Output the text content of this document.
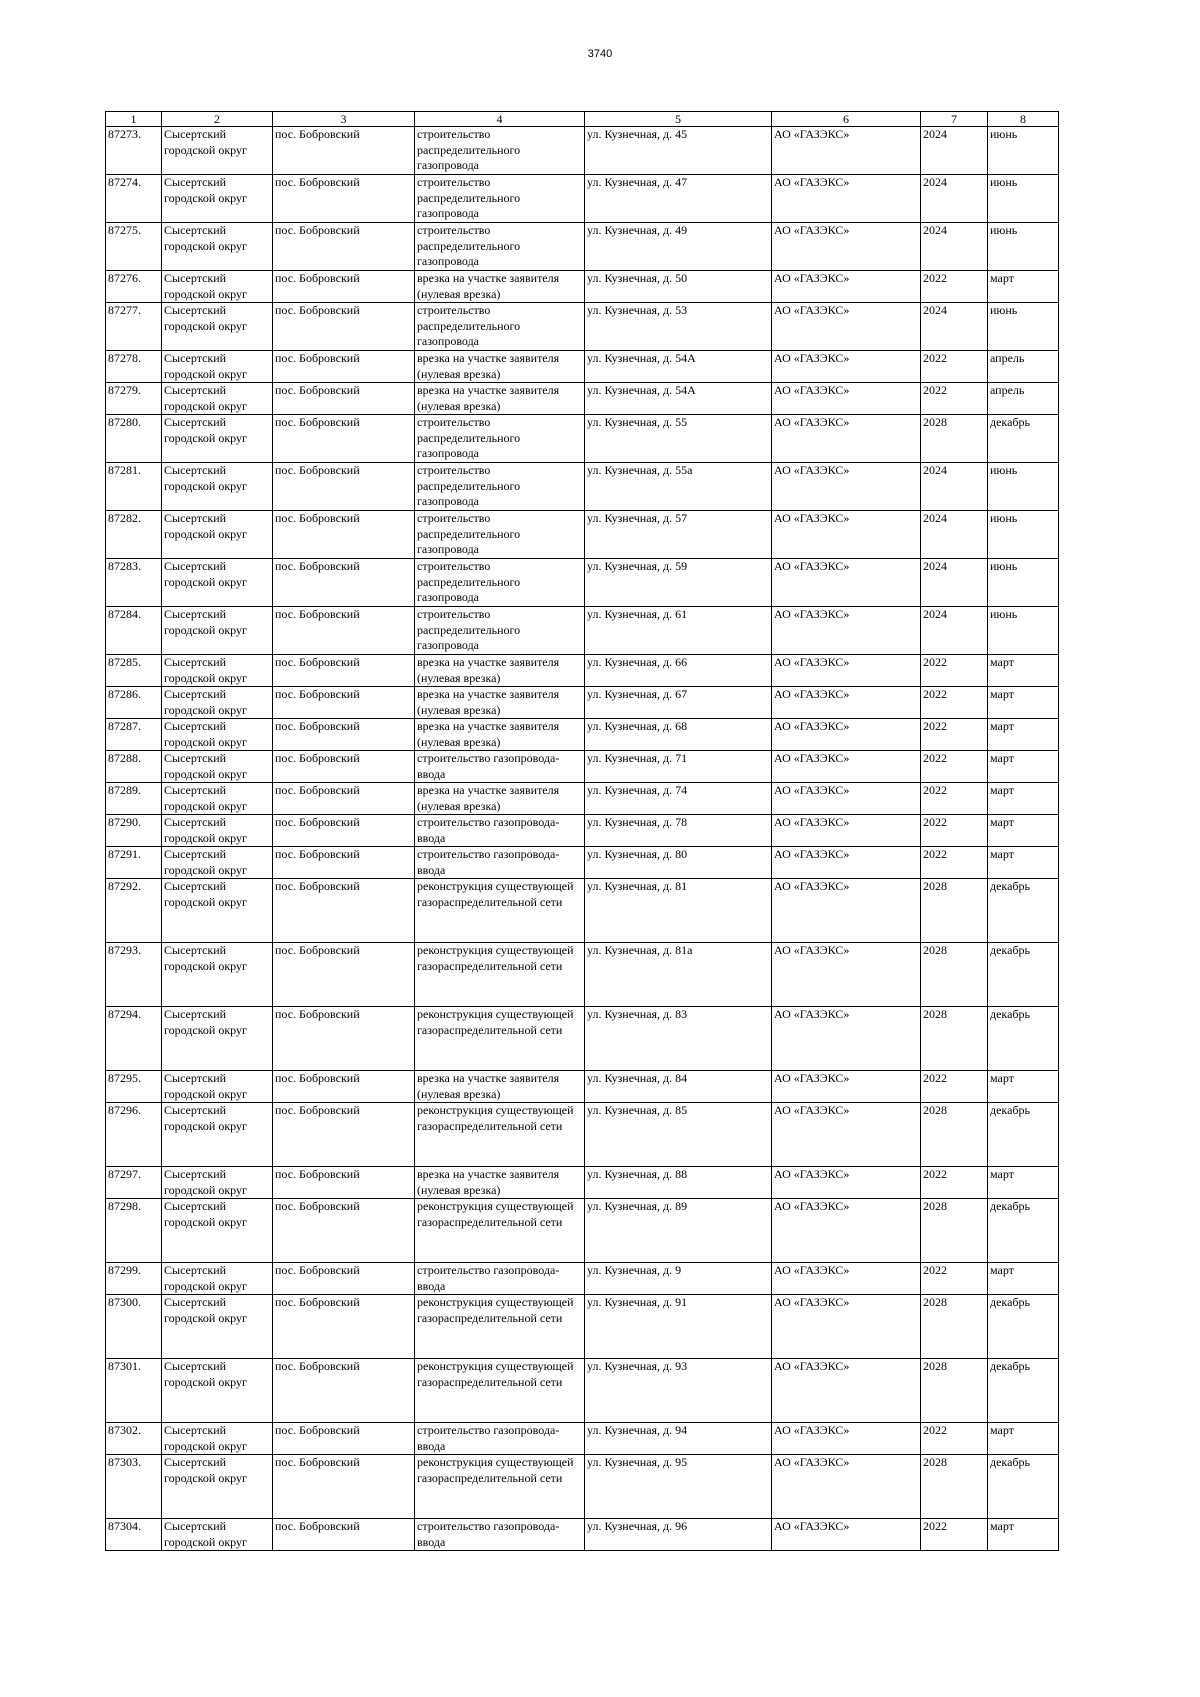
3740
1	2	3	4	5	6	7	8
87273.	Сысертский городской округ	пос. Бобровский	строительство распределительного газопровода	ул. Кузнечная, д. 45	АО «ГАЗЭКС»	2024	июнь
87274.	Сысертский городской округ	пос. Бобровский	строительство распределительного газопровода	ул. Кузнечная, д. 47	АО «ГАЗЭКС»	2024	июнь
87275.	Сысертский городской округ	пос. Бобровский	строительство распределительного газопровода	ул. Кузнечная, д. 49	АО «ГАЗЭКС»	2024	июнь
87276.	Сысертский городской округ	пос. Бобровский	врезка на участке заявителя (нулевая врезка)	ул. Кузнечная, д. 50	АО «ГАЗЭКС»	2022	март
87277.	Сысертский городской округ	пос. Бобровский	строительство распределительного газопровода	ул. Кузнечная, д. 53	АО «ГАЗЭКС»	2024	июнь
87278.	Сысертский городской округ	пос. Бобровский	врезка на участке заявителя (нулевая врезка)	ул. Кузнечная, д. 54А	АО «ГАЗЭКС»	2022	апрель
87279.	Сысертский городской округ	пос. Бобровский	врезка на участке заявителя (нулевая врезка)	ул. Кузнечная, д. 54А	АО «ГАЗЭКС»	2022	апрель
87280.	Сысертский городской округ	пос. Бобровский	строительство распределительного газопровода	ул. Кузнечная, д. 55	АО «ГАЗЭКС»	2028	декабрь
87281.	Сысертский городской округ	пос. Бобровский	строительство распределительного газопровода	ул. Кузнечная, д. 55а	АО «ГАЗЭКС»	2024	июнь
87282.	Сысертский городской округ	пос. Бобровский	строительство распределительного газопровода	ул. Кузнечная, д. 57	АО «ГАЗЭКС»	2024	июнь
87283.	Сысертский городской округ	пос. Бобровский	строительство распределительного газопровода	ул. Кузнечная, д. 59	АО «ГАЗЭКС»	2024	июнь
87284.	Сысертский городской округ	пос. Бобровский	строительство распределительного газопровода	ул. Кузнечная, д. 61	АО «ГАЗЭКС»	2024	июнь
87285.	Сысертский городской округ	пос. Бобровский	врезка на участке заявителя (нулевая врезка)	ул. Кузнечная, д. 66	АО «ГАЗЭКС»	2022	март
87286.	Сысертский городской округ	пос. Бобровский	врезка на участке заявителя (нулевая врезка)	ул. Кузнечная, д. 67	АО «ГАЗЭКС»	2022	март
87287.	Сысертский городской округ	пос. Бобровский	врезка на участке заявителя (нулевая врезка)	ул. Кузнечная, д. 68	АО «ГАЗЭКС»	2022	март
87288.	Сысертский городской округ	пос. Бобровский	строительство газопровода-ввода	ул. Кузнечная, д. 71	АО «ГАЗЭКС»	2022	март
87289.	Сысертский городской округ	пос. Бобровский	врезка на участке заявителя (нулевая врезка)	ул. Кузнечная, д. 74	АО «ГАЗЭКС»	2022	март
87290.	Сысертский городской округ	пос. Бобровский	строительство газопровода-ввода	ул. Кузнечная, д. 78	АО «ГАЗЭКС»	2022	март
87291.	Сысертский городской округ	пос. Бобровский	строительство газопровода-ввода	ул. Кузнечная, д. 80	АО «ГАЗЭКС»	2022	март
87292.	Сысертский городской округ	пос. Бобровский	реконструкция существующей газораспределительной сети	ул. Кузнечная, д. 81	АО «ГАЗЭКС»	2028	декабрь
87293.	Сысертский городской округ	пос. Бобровский	реконструкция существующей газораспределительной сети	ул. Кузнечная, д. 81а	АО «ГАЗЭКС»	2028	декабрь
87294.	Сысертский городской округ	пос. Бобровский	реконструкция существующей газораспределительной сети	ул. Кузнечная, д. 83	АО «ГАЗЭКС»	2028	декабрь
87295.	Сысертский городской округ	пос. Бобровский	врезка на участке заявителя (нулевая врезка)	ул. Кузнечная, д. 84	АО «ГАЗЭКС»	2022	март
87296.	Сысертский городской округ	пос. Бобровский	реконструкция существующей газораспределительной сети	ул. Кузнечная, д. 85	АО «ГАЗЭКС»	2028	декабрь
87297.	Сысертский городской округ	пос. Бобровский	врезка на участке заявителя (нулевая врезка)	ул. Кузнечная, д. 88	АО «ГАЗЭКС»	2022	март
87298.	Сысертский городской округ	пос. Бобровский	реконструкция существующей газораспределительной сети	ул. Кузнечная, д. 89	АО «ГАЗЭКС»	2028	декабрь
87299.	Сысертский городской округ	пос. Бобровский	строительство газопровода-ввода	ул. Кузнечная, д. 9	АО «ГАЗЭКС»	2022	март
87300.	Сысертский городской округ	пос. Бобровский	реконструкция существующей газораспределительной сети	ул. Кузнечная, д. 91	АО «ГАЗЭКС»	2028	декабрь
87301.	Сысертский городской округ	пос. Бобровский	реконструкция существующей газораспределительной сети	ул. Кузнечная, д. 93	АО «ГАЗЭКС»	2028	декабрь
87302.	Сысертский городской округ	пос. Бобровский	строительство газопровода-ввода	ул. Кузнечная, д. 94	АО «ГАЗЭКС»	2022	март
87303.	Сысертский городской округ	пос. Бобровский	реконструкция существующей газораспределительной сети	ул. Кузнечная, д. 95	АО «ГАЗЭКС»	2028	декабрь
87304.	Сысертский городской округ	пос. Бобровский	строительство газопровода-ввода	ул. Кузнечная, д. 96	АО «ГАЗЭКС»	2022	март
